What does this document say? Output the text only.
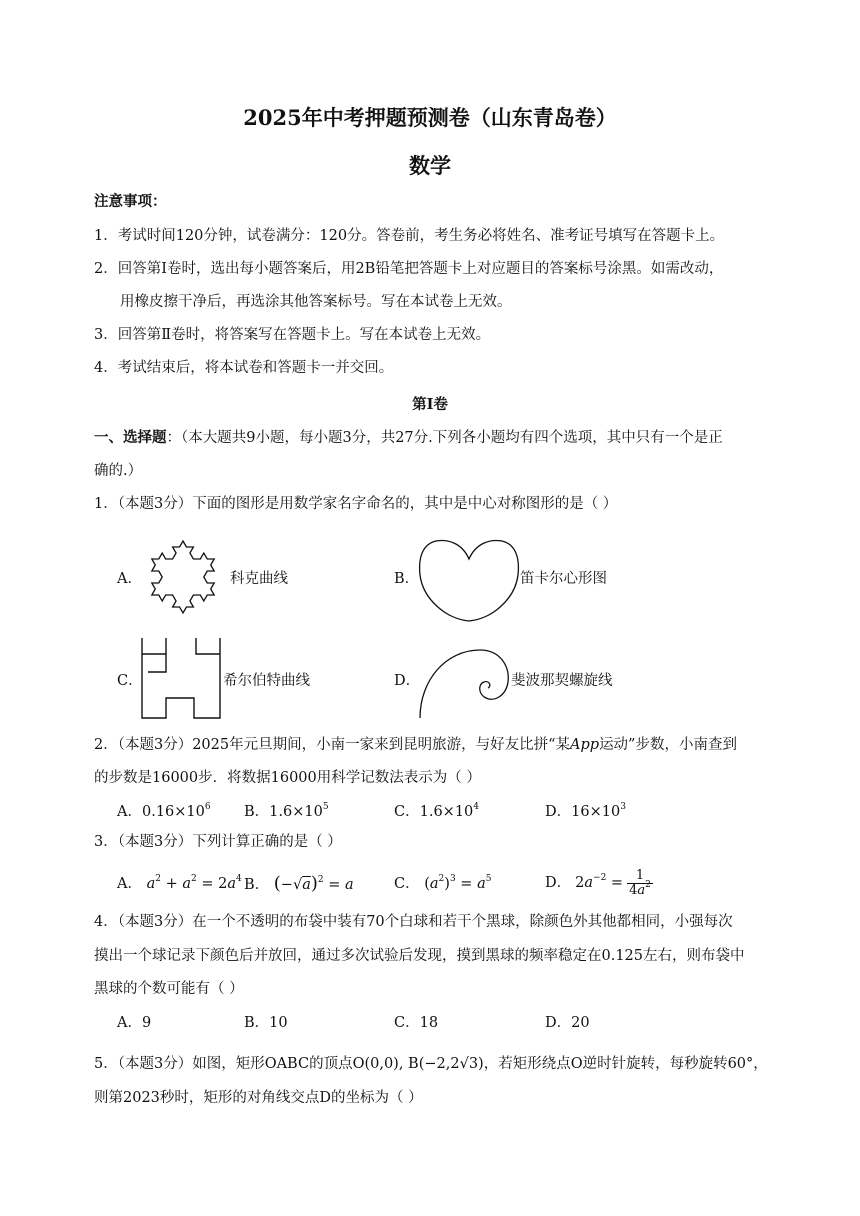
2025年中考押题预测卷（山东青岛卷）
数学
注意事项：
1．考试时间120分钟，试卷满分：120分。答卷前，考生务必将姓名、准考证号填写在答题卡上。
2．回答第Ⅰ卷时，选出每小题答案后，用2B铅笔把答题卡上对应题目的答案标号涂黑。如需改动，
用橡皮擦干净后，再选涂其他答案标号。写在本试卷上无效。
3．回答第Ⅱ卷时，将答案写在答题卡上。写在本试卷上无效。
4．考试结束后，将本试卷和答题卡一并交回。
第Ⅰ卷
一、选择题：（本大题共9小题，每小题3分，共27分.下列各小题均有四个选项，其中只有一个是正
确的.）
1．（本题3分）下面的图形是用数学家名字命名的，其中是中心对称图形的是（ ）
A．	科克曲线	B．	笛卡尔心形图
C．	希尔伯特曲线	D．	斐波那契螺旋线
2．（本题3分）2025年元旦期间，小南一家来到昆明旅游，与好友比拼“某App运动”步数，小南查到
的步数是16000步．将数据16000用科学记数法表示为（ ）
A．$0.16\times 10^6$ B．$1.6\times 10^5$	C．$1.6\times 10^4$	D．$16\times 10^3$
3．（本题3分）下列计算正确的是（ ）
A． $a^2 + a^2 = 2a^4$ B． $(-√a)^2 = a$	C． $(a^2)^3 = a^5$	D． $2a^{-2} = \frac{1}{4a^2}$
4．（本题3分）在一个不透明的布袋中装有70个白球和若干个黑球，除颜色外其他都相同，小强每次
摸出一个球记录下颜色后并放回，通过多次试验后发现，摸到黑球的频率稳定在0.125左右，则布袋中
黑球的个数可能有（ ）
A．9	B．10	C．18	D．20
5．（本题3分）如图，矩形OABC的顶点O(0,0), B(−2,2√3)，若矩形绕点O逆时针旋转，每秒旋转60°，
则第2023秒时，矩形的对角线交点D的坐标为（ ）
